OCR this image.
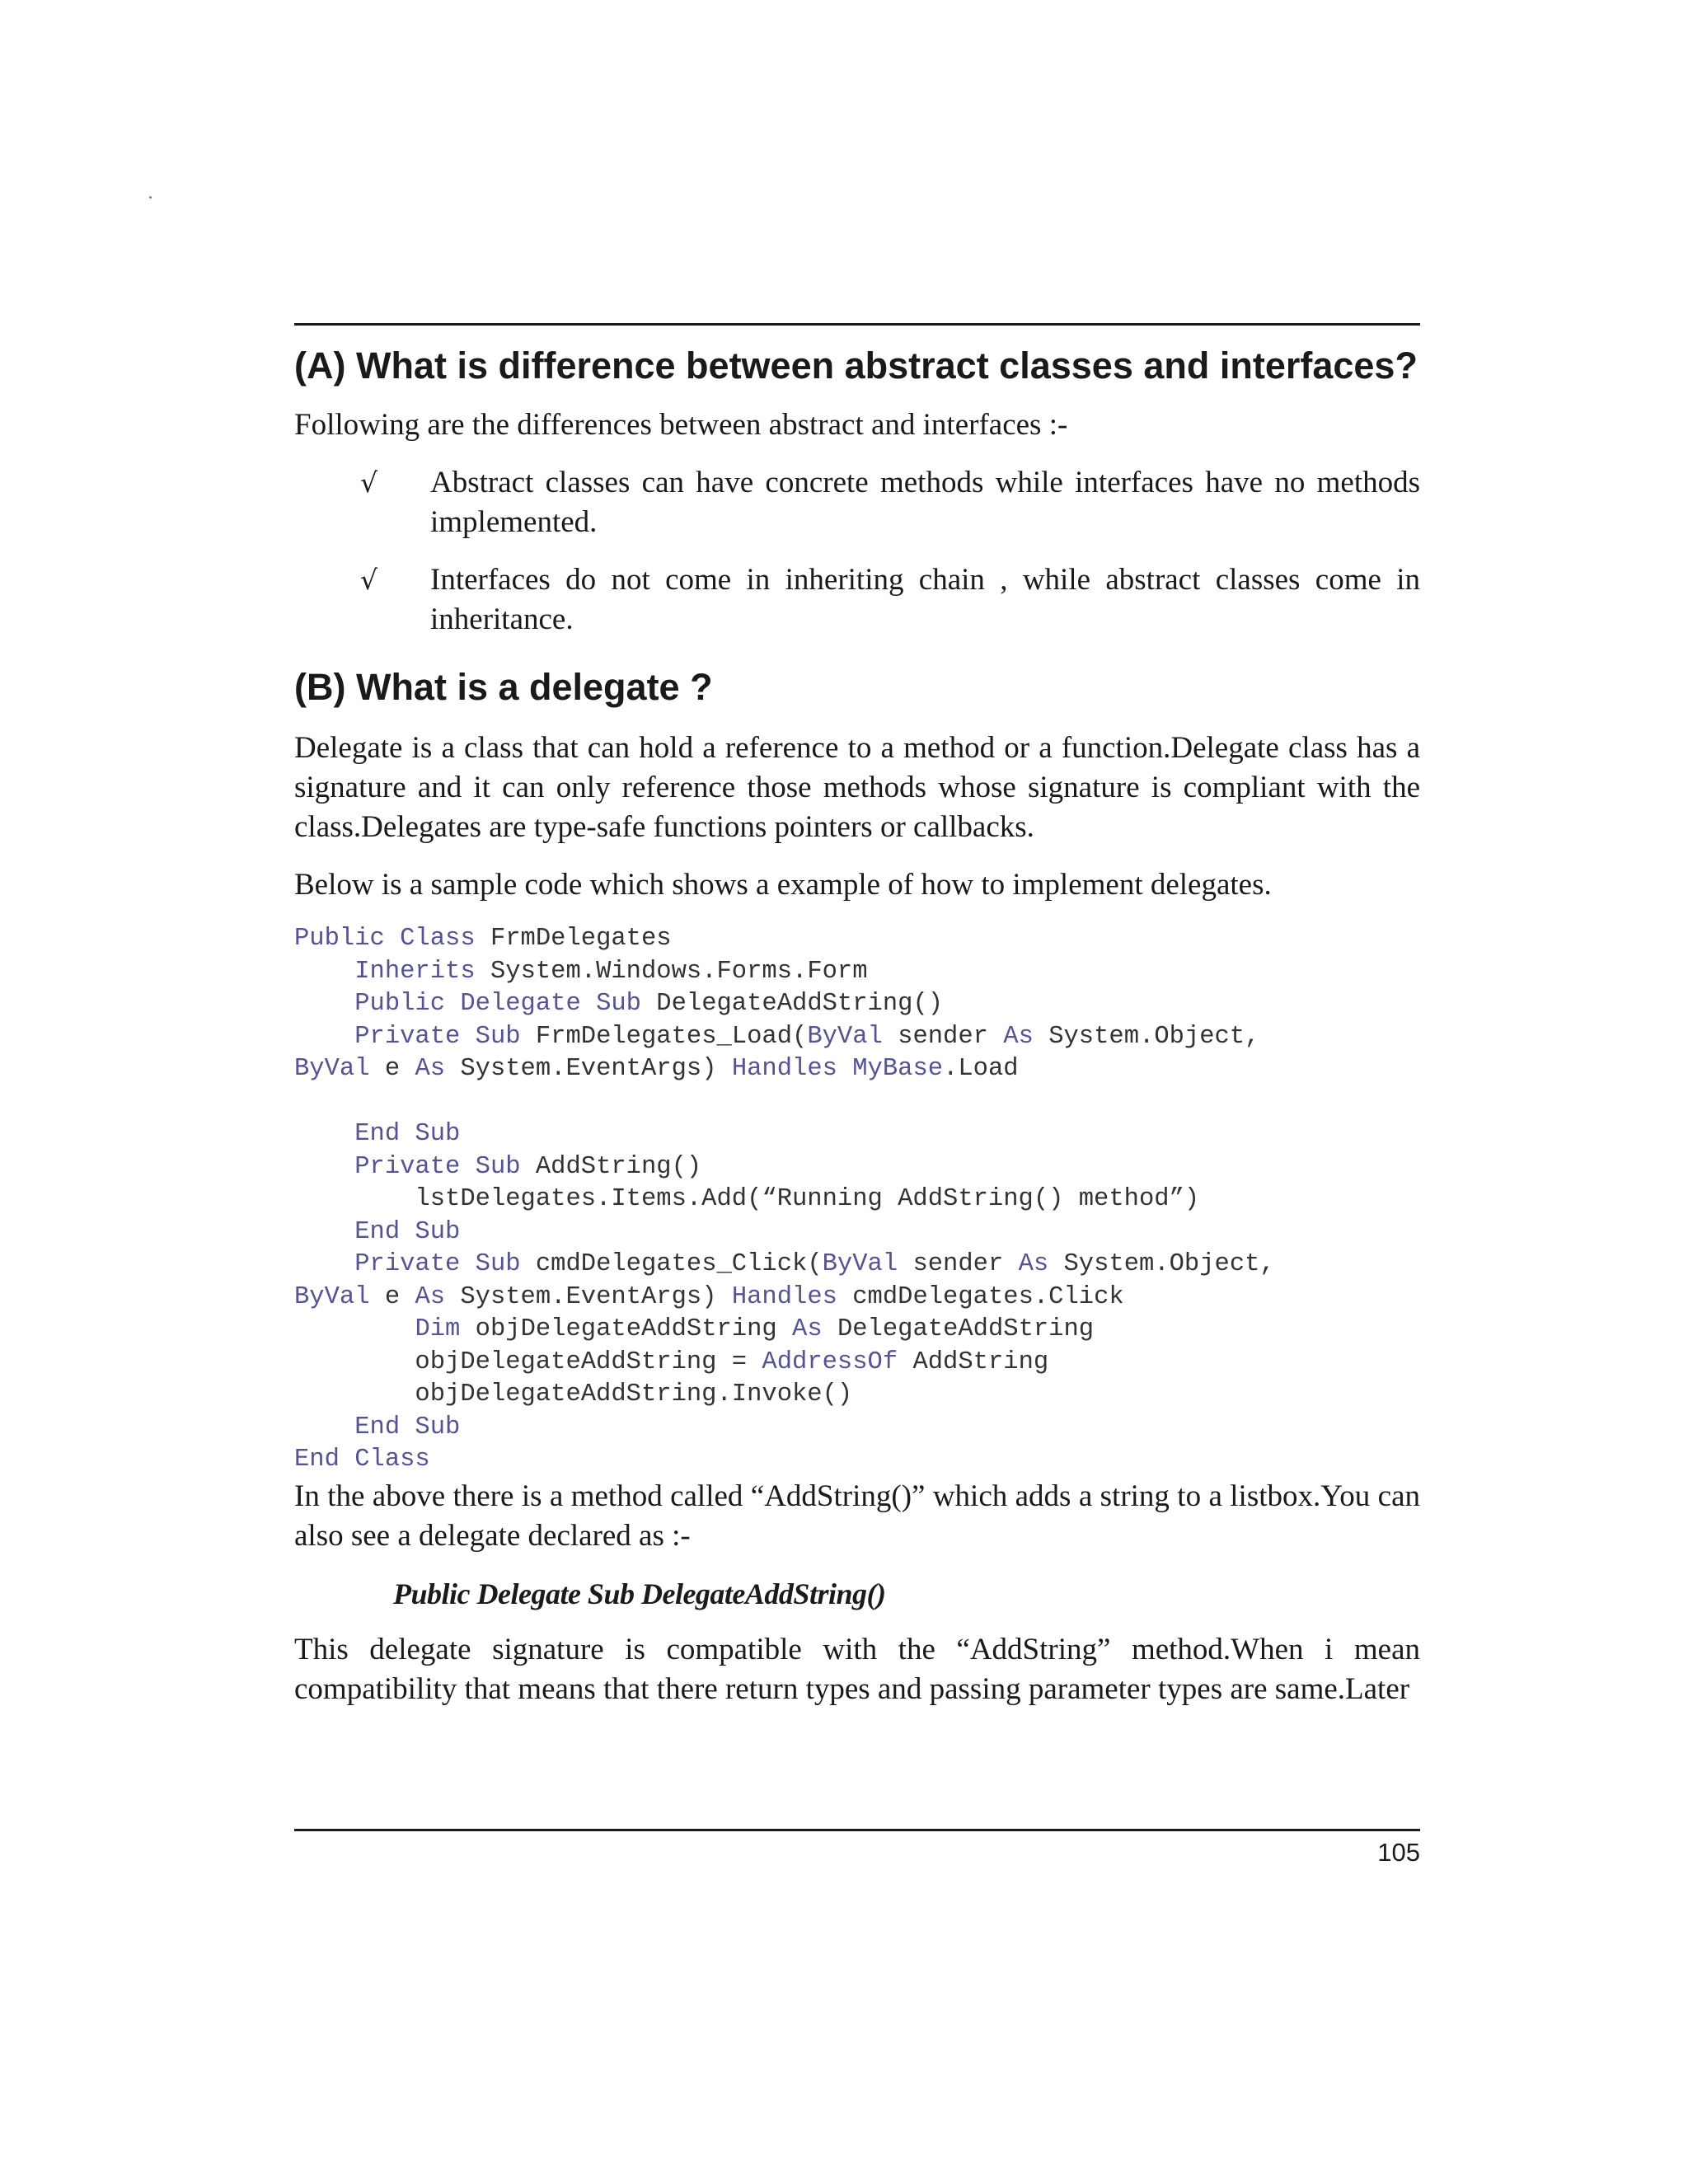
(A) What is difference between abstract classes and interfaces?

Following are the differences between abstract and interfaces :-

√	Abstract classes can have concrete methods while interfaces have no methods implemented.
√	Interfaces do not come in inheriting chain , while abstract classes come in inheritance.
(B) What is a delegate ?

Delegate is a class that can hold a reference to a method or a function.Delegate class has a signature and it can only reference those methods whose signature is compliant with the class.Delegates are type-safe functions pointers or callbacks.

Below is a sample code which shows a example of how to implement delegates.

Public Class FrmDelegates
Inherits System.Windows.Forms.Form
Public Delegate Sub DelegateAddString()
Private Sub FrmDelegates_Load(ByVal sender As System.Object,
ByVal e As System.EventArgs) Handles MyBase.Load

End Sub
Private Sub AddString()
lstDelegates.Items.Add(“Running AddString() method”)
End Sub
Private Sub cmdDelegates_Click(ByVal sender As System.Object,
ByVal e As System.EventArgs) Handles cmdDelegates.Click
Dim objDelegateAddString As DelegateAddString
objDelegateAddString = AddressOf AddString
objDelegateAddString.Invoke()
End Sub
End Class

In the above there is a method called “AddString()” which adds a string to a listbox.You can also see a delegate declared as :-

Public Delegate Sub DelegateAddString()

This delegate signature is compatible with the “AddString” method.When i mean compatibility that means that there return types and passing parameter types are same.Later

105
